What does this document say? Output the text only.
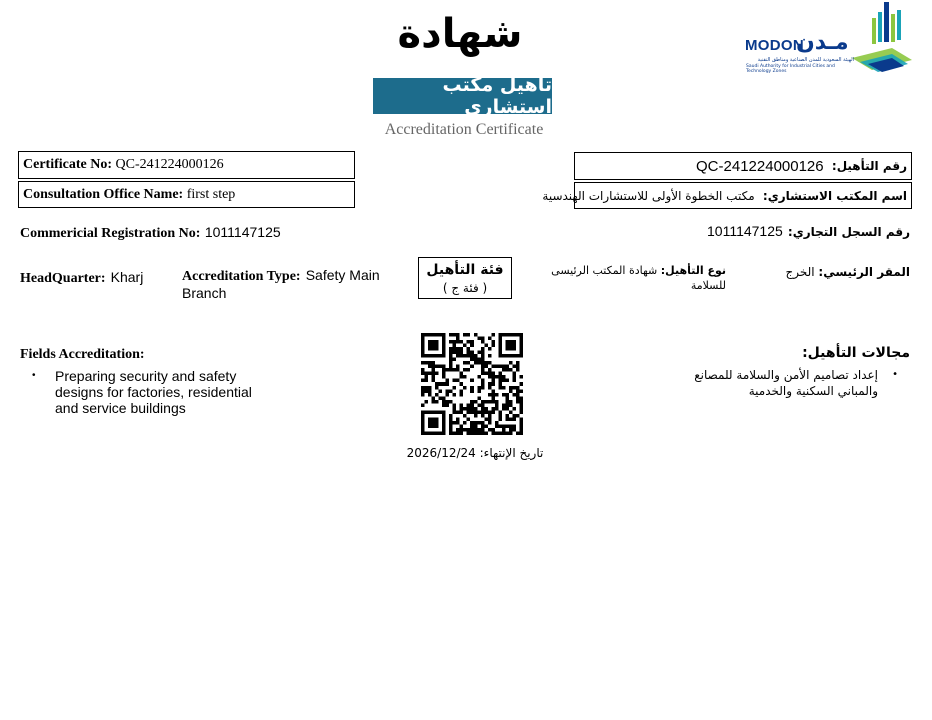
شهادة	MODON
مـدن
الهيئة السعودية للمدن الصناعية ومناطق التقنية
Saudi Authority for Industrial Cities and Technology Zones
تأهيل مكتب استشاري
Accreditation Certificate
Certificate No:
QC-241224000126
Consultation Office Name:
first step
رقم التأهيل:

QC-241224000126
اسم المكتب الاستشاري:

مكتب الخطوة الأولى للاستشارات الهندسية
Commericial Registration No: 1011147125	رقم السجل التجاري: 1011147125
HeadQuarter: Kharj	Accreditation Type: Safety Main
Branch
فئة التأهيل
( فئة ج )
نوع التأهيل: شهادة المكتب الرئيسى
للسلامة
المقر الرئيسي: الخرج
Fields Accreditation:
• Preparing security and safety
designs for factories, residential
and service buildings
تاريخ الإنتهاء: 2026/12/24
مجالات التأهيل:
•
إعداد تصاميم الأمن والسلامة للمصانع
والمباني السكنية والخدمية
